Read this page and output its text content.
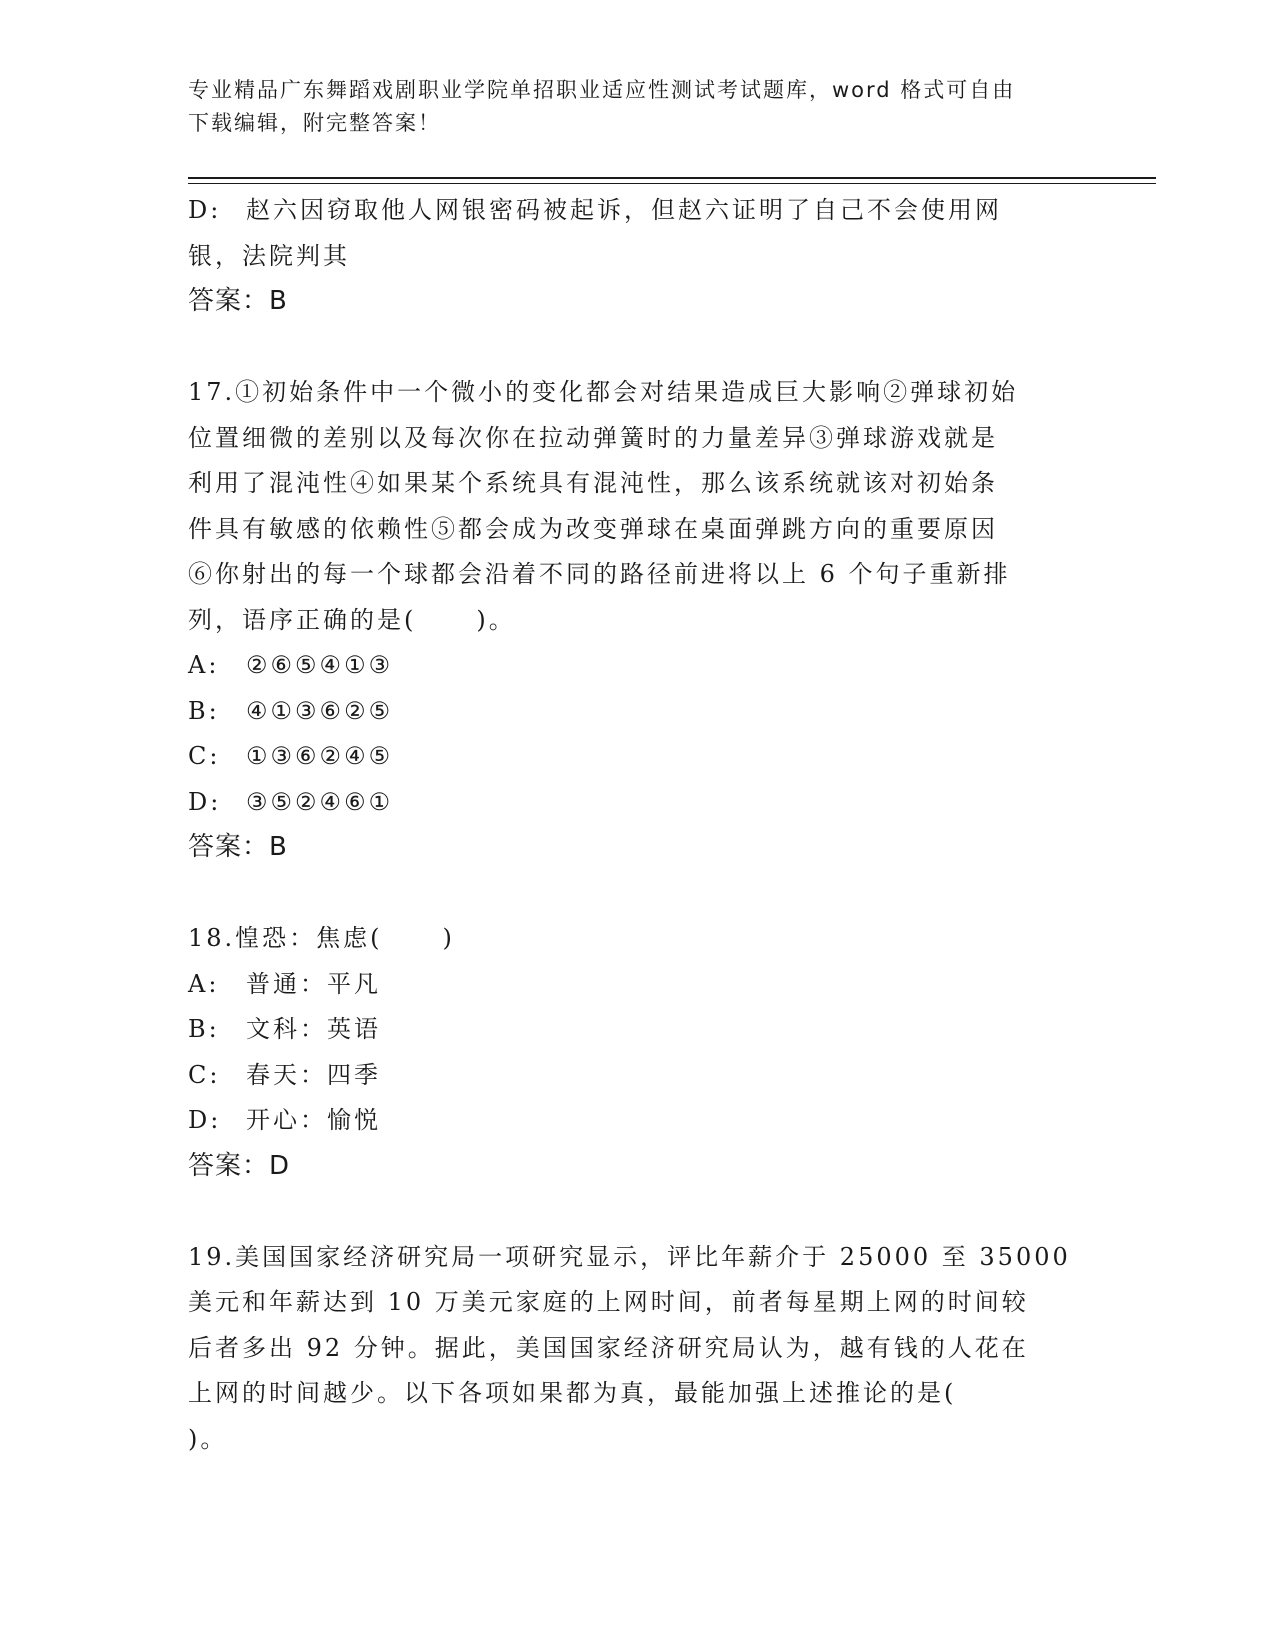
专业精品广东舞蹈戏剧职业学院单招职业适应性测试考试题库，word 格式可自由
下载编辑，附完整答案！
D:	赵六因窃取他人网银密码被起诉，但赵六证明了自己不会使用网
银，法院判其
答案：B
17.①初始条件中一个微小的变化都会对结果造成巨大影响②弹球初始
位置细微的差别以及每次你在拉动弹簧时的力量差异③弹球游戏就是
利用了混沌性④如果某个系统具有混沌性，那么该系统就该对初始条
件具有敏感的依赖性⑤都会成为改变弹球在桌面弹跳方向的重要原因
⑥你射出的每一个球都会沿着不同的路径前进将以上 6 个句子重新排
列，语序正确的是(	)。
A:	②⑥⑤④①③
B:	④①③⑥②⑤
C:	①③⑥②④⑤
D:	③⑤②④⑥①
答案：B
18.惶恐：焦虑(	)
A:	普通：平凡
B:	文科：英语
C:	春天：四季
D:	开心：愉悦
答案：D
19.美国国家经济研究局一项研究显示，评比年薪介于 25000 至 35000
美元和年薪达到 10 万美元家庭的上网时间，前者每星期上网的时间较
后者多出 92 分钟。据此，美国国家经济研究局认为，越有钱的人花在
上网的时间越少。以下各项如果都为真，最能加强上述推论的是(
)。
